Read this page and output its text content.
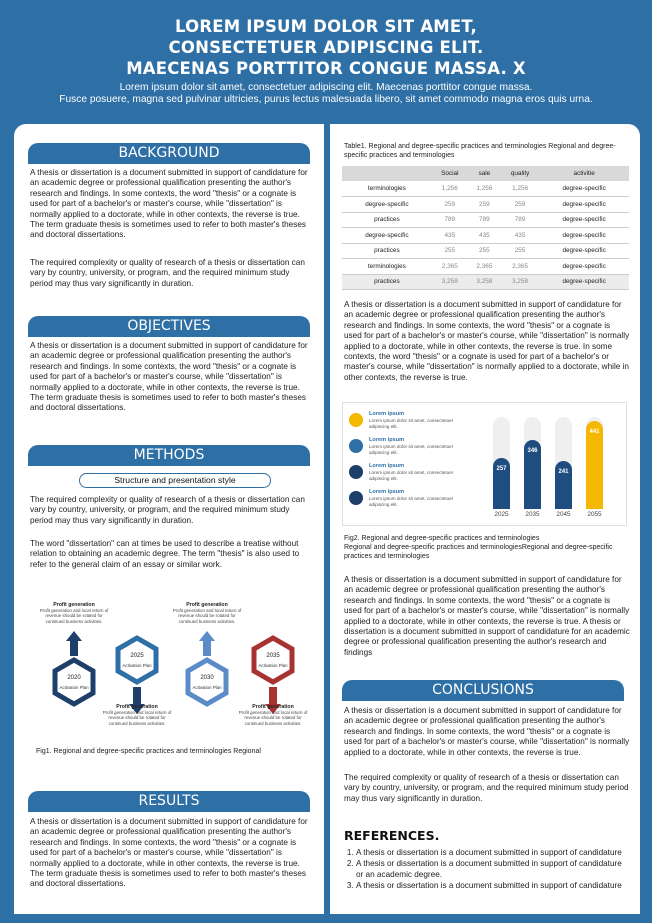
LOREM IPSUM DOLOR SIT AMET,
CONSECTETUER ADIPISCING ELIT.
MAECENAS PORTTITOR CONGUE MASSA. X
Lorem ipsum dolor sit amet, consectetuer adipiscing elit. Maecenas porttitor congue massa.
Fusce posuere, magna sed pulvinar ultricies, purus lectus malesuada libero, sit amet commodo magna eros quis urna.
BACKGROUND
A thesis or dissertation is a document submitted in support of candidature for an academic degree or professional qualification presenting the author's research and findings. In some contexts, the word "thesis" or a cognate is used for part of a bachelor's or master's course, while "dissertation" is normally applied to a doctorate, while in other contexts, the reverse is true. The term graduate thesis is sometimes used to refer to both master's theses and doctoral dissertations.
The required complexity or quality of research of a thesis or dissertation can vary by country, university, or program, and the required minimum study period may thus vary significantly in duration.
OBJECTIVES
A thesis or dissertation is a document submitted in support of candidature for an academic degree or professional qualification presenting the author's research and findings. In some contexts, the word "thesis" or a cognate is used for part of a bachelor's or master's course, while "dissertation" is normally applied to a doctorate, while in other contexts, the reverse is true. The term graduate thesis is sometimes used to refer to both master's theses and doctoral dissertations.
METHODS
Structure and presentation style
The required complexity or quality of research of a thesis or dissertation can vary by country, university, or program, and the required minimum study period may thus vary significantly in duration.
The word "dissertation" can at times be used to describe a treatise without relation to obtaining an academic degree. The term "thesis" is also used to refer to the general claim of an essay or similar work.
2020
Activation Plan
2025
Activation Plan
2030
Activation Plan
2035
Activation Plan
Profit generation
Profit generation and local return of revenue should be rotated for continued business activities.
Profit generation
Profit generation and local return of revenue should be rotated for continued business activities.
Profit generation
Profit generation and local return of revenue should be rotated for continued business activities.
Profit generation
Profit generation and local return of revenue should be rotated for continued business activities.
Fig1. Regional and degree-specific practices and terminologies Regional
RESULTS
A thesis or dissertation is a document submitted in support of candidature for an academic degree or professional qualification presenting the author's research and findings. In some contexts, the word "thesis" or a cognate is used for part of a bachelor's or master's course, while "dissertation" is normally applied to a doctorate, while in other contexts, the reverse is true. The term graduate thesis is sometimes used to refer to both master's theses and doctoral dissertations.
Table1. Regional and degree-specific practices and terminologies Regional and degree-specific practices and terminologies
	Social	sale	quality	activitie
terminologies	1,256	1,256	1,256	degree-specific
degree-specific	259	259	259	degree-specific
practices	789	789	789	degree-specific
degree-specific	435	435	435	degree-specific
practices	255	255	255	degree-specific
terminologies	2,365	2,365	2,365	degree-specific
practices	3,258	3,258	3,258	degree-specific
A thesis or dissertation is a document submitted in support of candidature for an academic degree or professional qualification presenting the author's research and findings. In some contexts, the word "thesis" or a cognate is used for part of a bachelor's or master's course, while "dissertation" is normally applied to a doctorate, while in other contexts, the reverse is true. In some contexts, the word "thesis" or a cognate is used for part of a bachelor's or master's course, while "dissertation" is normally applied to a doctorate, while in other contexts, the reverse is true.
Lorem ipsum
Lorem ipsum dolor sit amet, consectetuer adipiscing elit.
Lorem ipsum
Lorem ipsum dolor sit amet, consectetuer adipiscing elit.
Lorem ipsum
Lorem ipsum dolor sit amet, consectetuer adipiscing elit.
Lorem ipsum
Lorem ipsum dolor sit amet, consectetuer adipiscing elit.
257
2025
346
2035
241
2045
441
2055
Fig2. Regional and degree-specific practices and terminologies
Regional and degree-specific practices and terminologiesRegional and degree-specific practices and terminologies
A thesis or dissertation is a document submitted in support of candidature for an academic degree or professional qualification presenting the author's research and findings. In some contexts, the word "thesis" or a cognate is used for part of a bachelor's or master's course, while "dissertation" is normally applied to a doctorate, while in other contexts, the reverse is true. A thesis or dissertation is a document submitted in support of candidature for an academic degree or professional qualification presenting the author's research and findings
CONCLUSIONS
A thesis or dissertation is a document submitted in support of candidature for an academic degree or professional qualification presenting the author's research and findings. In some contexts, the word "thesis" or a cognate is used for part of a bachelor's or master's course, while "dissertation" is normally applied to a doctorate, while in other contexts, the reverse is true.
The required complexity or quality of research of a thesis or dissertation can vary by country, university, or program, and the required minimum study period may thus vary significantly in duration.
REFERENCES.
1. A thesis or dissertation is a document submitted in support of candidature
2. A thesis or dissertation is a document submitted in support of candidature or an academic degree.
3. A thesis or dissertation is a document submitted in support of candidature
